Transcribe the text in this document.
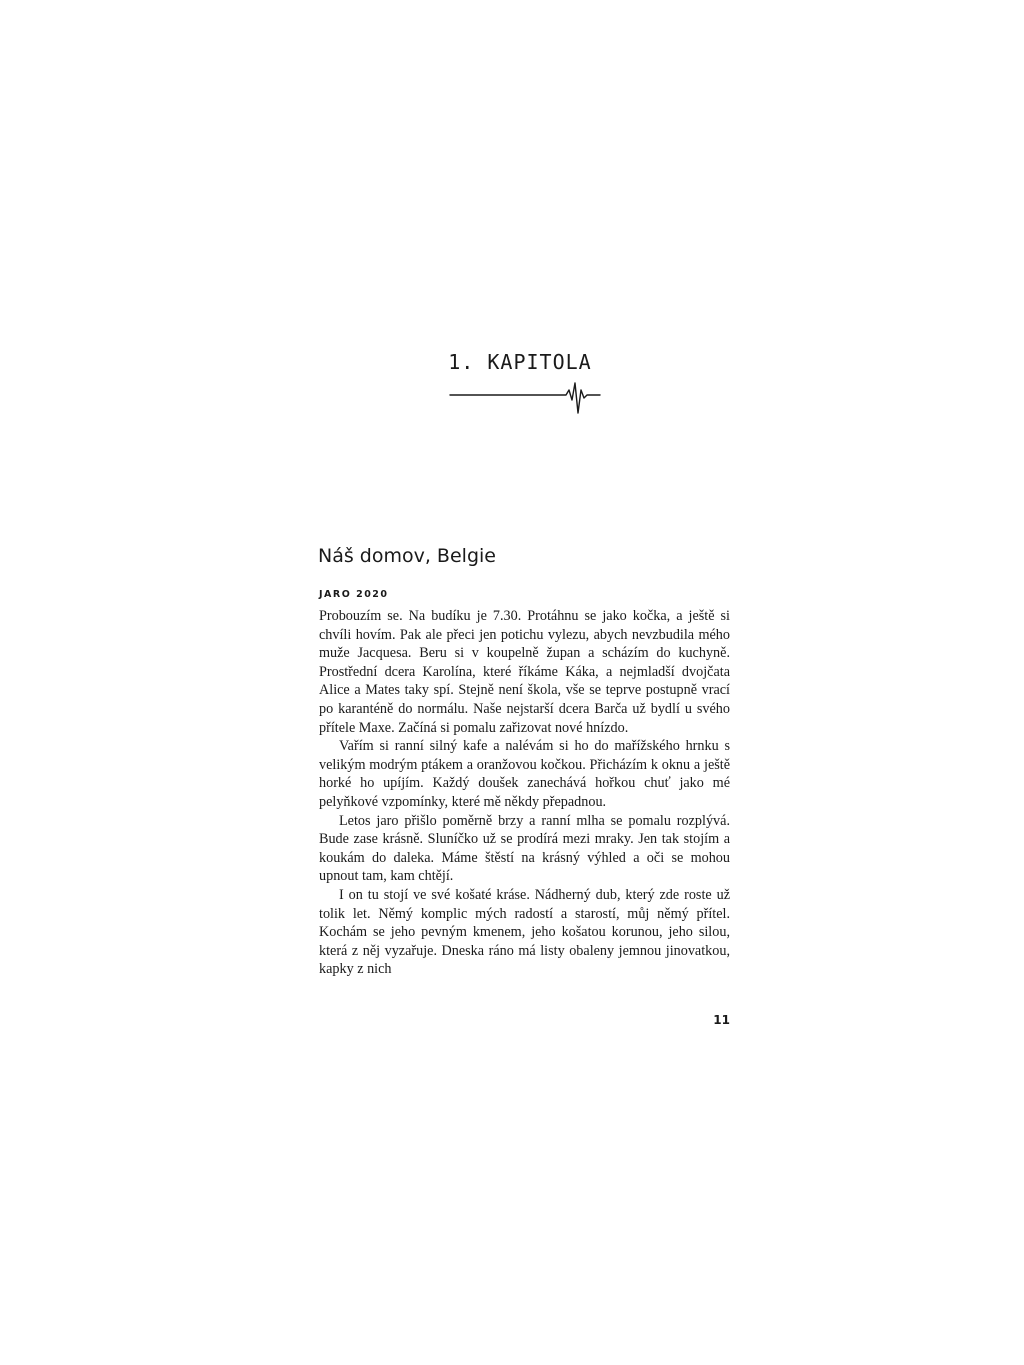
1. KAPITOLA
Náš domov, Belgie
JARO 2020

Probouzím se. Na budíku je 7.30. Protáhnu se jako kočka, a ještě si chvíli hovím. Pak ale přeci jen potichu vylezu, abych nevzbudila mého muže Jacquesa. Beru si v koupelně župan a scházím do kuchyně. Prostřední dcera Karolína, které říkáme Káka, a nejmladší dvojčata Alice a Mates taky spí. Stejně není škola, vše se teprve postupně vrací po karanténě do normálu. Naše nejstarší dcera Barča už bydlí u svého přítele Maxe. Začíná si pomalu zařizovat nové hnízdo.

Vařím si ranní silný kafe a nalévám si ho do mařížského hrnku s velikým modrým ptákem a oranžovou kočkou. Přicházím k oknu a ještě horké ho upíjím. Každý doušek zanechává hořkou chuť jako mé pelyňkové vzpomínky, které mě někdy přepadnou.

Letos jaro přišlo poměrně brzy a ranní mlha se pomalu rozplývá. Bude zase krásně. Sluníčko už se prodírá mezi mraky. Jen tak stojím a koukám do daleka. Máme štěstí na krásný výhled a oči se mohou upnout tam, kam chtějí.

I on tu stojí ve své košaté kráse. Nádherný dub, který zde roste už tolik let. Němý komplic mých radostí a starostí, můj němý přítel. Kochám se jeho pevným kmenem, jeho košatou korunou, jeho silou, která z něj vyzařuje. Dneska ráno má listy obaleny jemnou jinovatkou, kapky z nich

11
